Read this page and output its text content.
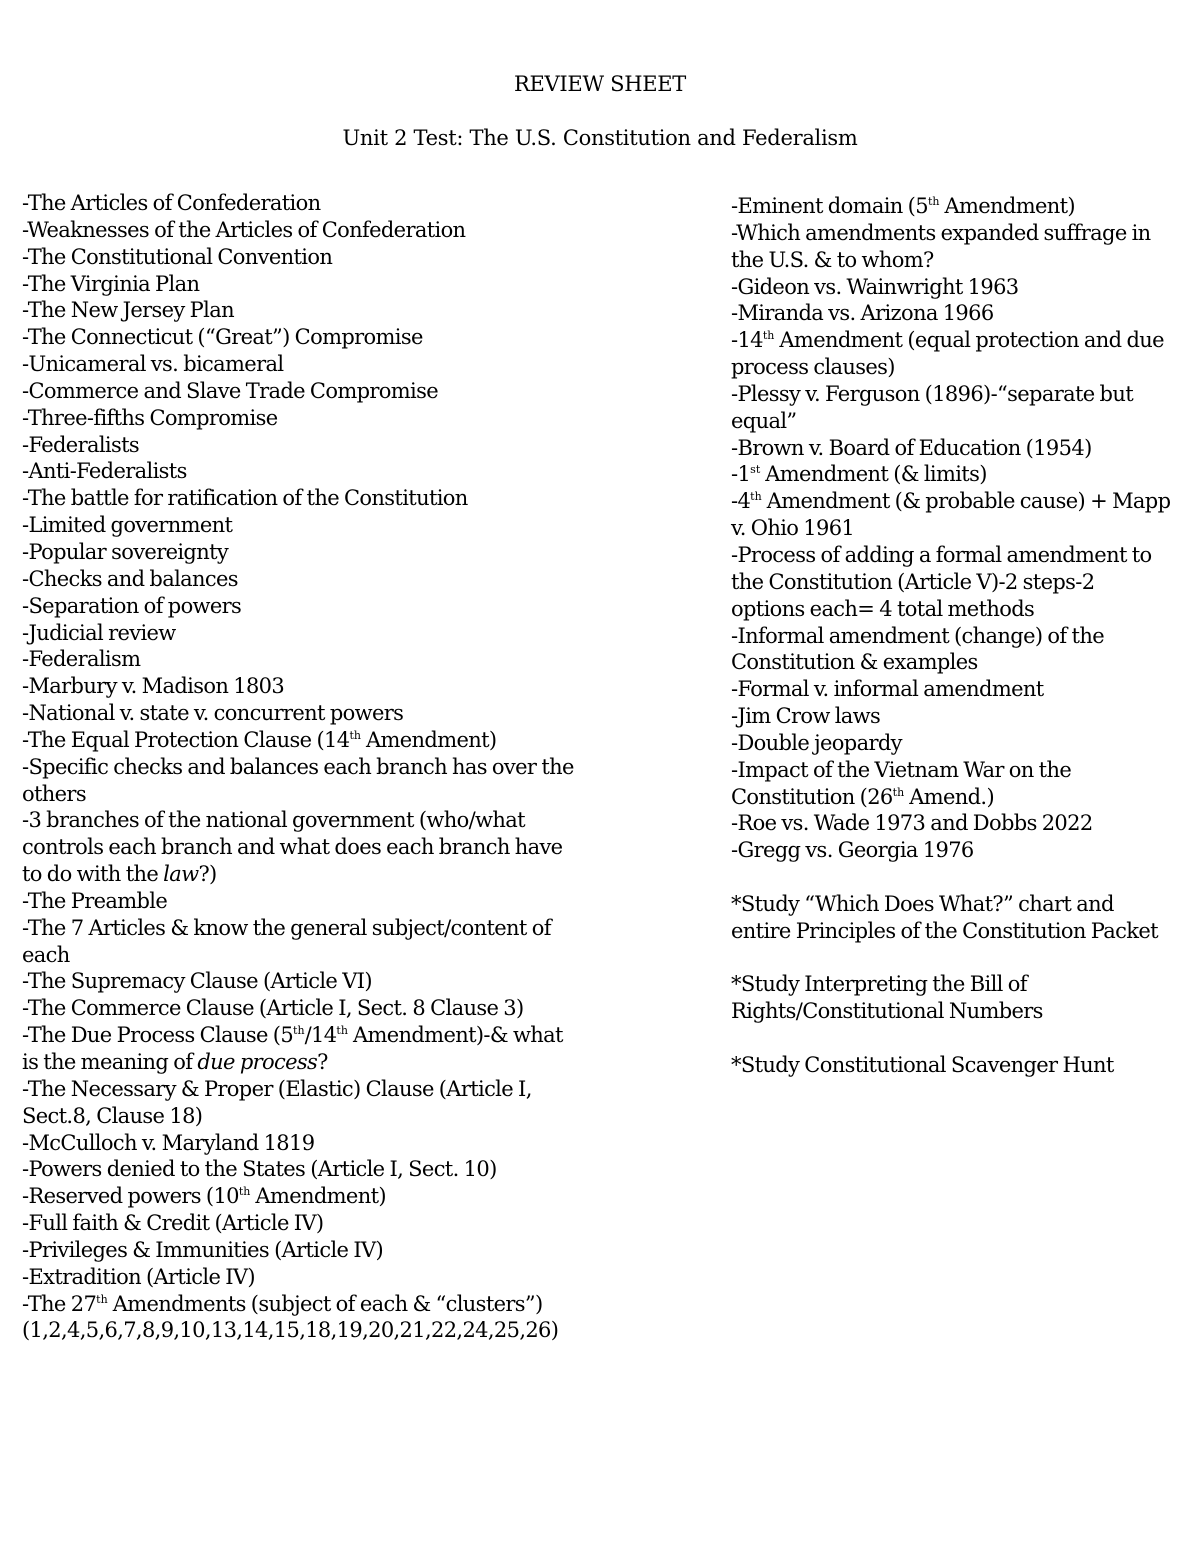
REVIEW SHEET
Unit 2 Test: The U.S. Constitution and Federalism

-The Articles of Confederation

-Weaknesses of the Articles of Confederation

-The Constitutional Convention

-The Virginia Plan

-The New Jersey Plan

-The Connecticut (“Great”) Compromise

-Unicameral vs. bicameral

-Commerce and Slave Trade Compromise

-Three-fifths Compromise

-Federalists

-Anti-Federalists

-The battle for ratification of the Constitution

-Limited government

-Popular sovereignty

-Checks and balances

-Separation of powers

-Judicial review

-Federalism

-Marbury v. Madison 1803

-National v. state v. concurrent powers

-The Equal Protection Clause (14th Amendment)

-Specific checks and balances each branch has over the others

-3 branches of the national government (who/what controls each branch and what does each branch have to do with the law?)

-The Preamble

-The 7 Articles & know the general subject/content of each

-The Supremacy Clause (Article VI)

-The Commerce Clause (Article I, Sect. 8 Clause 3)

-The Due Process Clause (5th/14th Amendment)-& what is the meaning of due process?

-The Necessary & Proper (Elastic) Clause (Article I, Sect.8, Clause 18)

-McCulloch v. Maryland 1819

-Powers denied to the States (Article I, Sect. 10)

-Reserved powers (10th Amendment)

-Full faith & Credit (Article IV)

-Privileges & Immunities (Article IV)

-Extradition (Article IV)

-The 27th Amendments (subject of each & “clusters”) (1,2,4,5,6,7,8,9,10,13,14,15,18,19,20,21,22,24,25,26)

-Eminent domain (5th Amendment)

-Which amendments expanded suffrage in the U.S. & to whom?

-Gideon vs. Wainwright 1963

-Miranda vs. Arizona 1966

-14th Amendment (equal protection and due process clauses)

-Plessy v. Ferguson (1896)-“separate but equal”

-Brown v. Board of Education (1954)

-1st Amendment (& limits)

-4th Amendment (& probable cause) + Mapp v. Ohio 1961

-Process of adding a formal amendment to the Constitution (Article V)-2 steps-2 options each= 4 total methods

-Informal amendment (change) of the Constitution & examples

-Formal v. informal amendment

-Jim Crow laws

-Double jeopardy

-Impact of the Vietnam War on the Constitution (26th Amend.)

-Roe vs. Wade 1973 and Dobbs 2022

-Gregg vs. Georgia 1976

*Study “Which Does What?” chart and entire Principles of the Constitution Packet

*Study Interpreting the Bill of Rights/Constitutional Numbers

*Study Constitutional Scavenger Hunt
